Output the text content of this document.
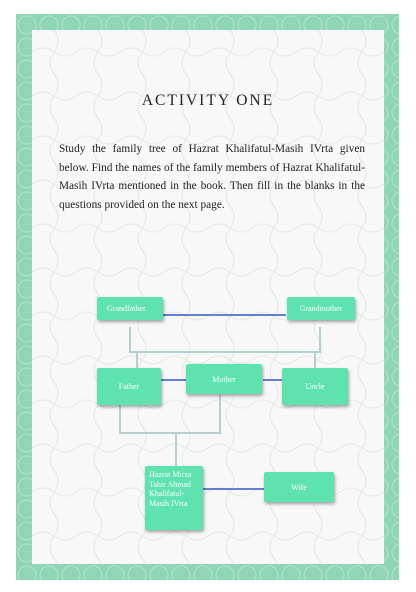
ACTIVITY ONE
Study the family tree of Hazrat Khalifatul-Masih IVrta given below. Find the names of the family members of Hazrat Khalifatul-Masih IVrta mentioned in the book. Then fill in the blanks in the questions provided on the next page.
Grandfather	Grandmother
Father
Mother
Uncle
Hazrat Mirza Tahir Ahmad Khalifatul-Masih IVrta
Wife
